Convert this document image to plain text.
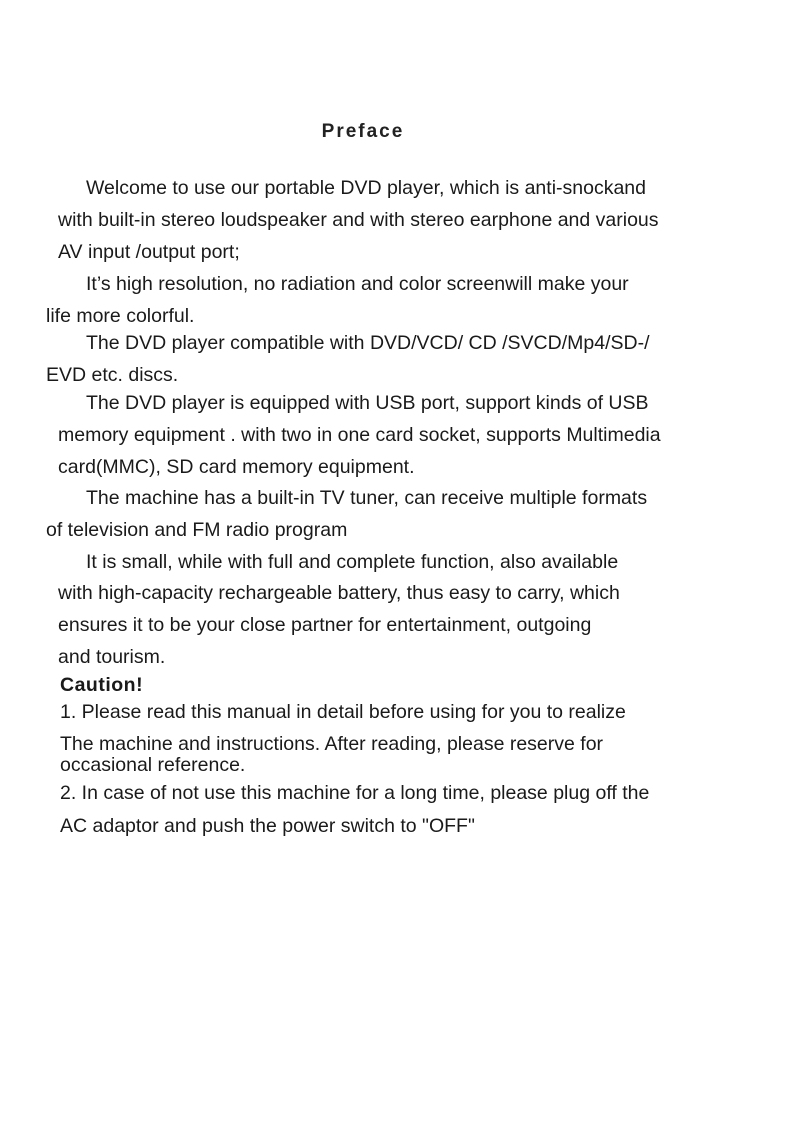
Preface
Welcome to use our portable DVD player, which is anti-snockand
with built-in stereo loudspeaker and with stereo earphone and various
AV input /output port;
It’s high resolution, no radiation and color screenwill make your
life more colorful.
The DVD player compatible with DVD/VCD/ CD /SVCD/Mp4/SD-/
EVD etc. discs.
The DVD player is equipped with USB port, support kinds of USB
memory equipment . with two in one card socket, supports Multimedia
card(MMC), SD card memory equipment.
The machine has a built-in TV tuner, can receive multiple formats
of television and FM radio program
It is small, while with full and complete function, also available
with high-capacity rechargeable battery, thus easy to carry, which
ensures it to be your close partner for entertainment, outgoing
and tourism.
Caution!
1. Please read this manual in detail before using for you to realize
The machine and instructions. After reading, please reserve for
occasional reference.
2. In case of not use this machine for a long time, please plug off the
AC adaptor and push the power switch to "OFF"
